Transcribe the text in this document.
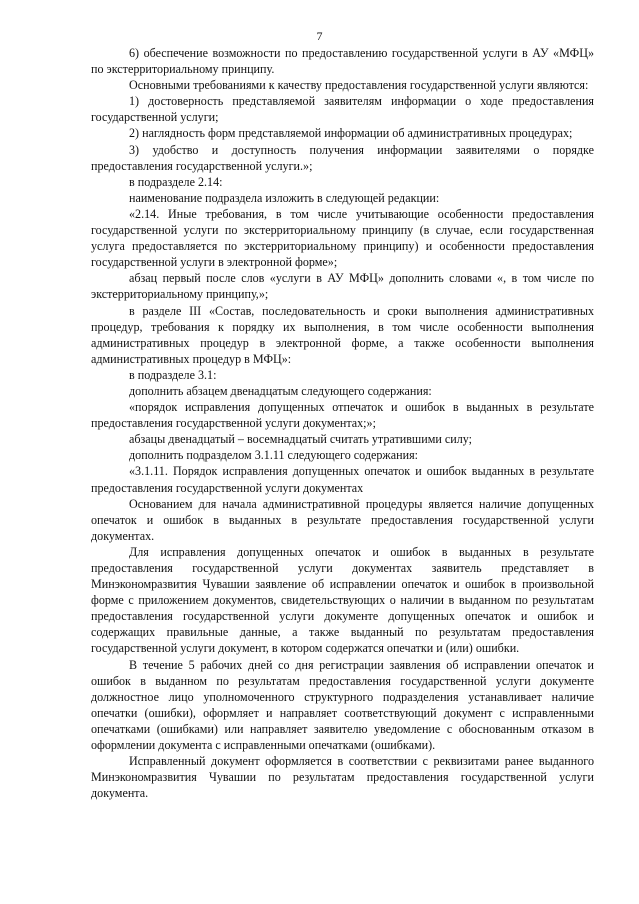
7

6) обеспечение возможности по предоставлению государственной услуги в АУ «МФЦ» по экстерриториальному принципу.

Основными требованиями к качеству предоставления государственной услуги являются:

1) достоверность представляемой заявителям информации о ходе предоставления государственной услуги;

2) наглядность форм представляемой информации об административных процедурах;

3) удобство и доступность получения информации заявителями о порядке предоставления государственной услуги.»;

в подразделе 2.14:

наименование подраздела изложить в следующей редакции:

«2.14. Иные требования, в том числе учитывающие особенности предоставления государственной услуги по экстерриториальному принципу (в случае, если государственная услуга предоставляется по экстерриториальному принципу) и особенности предоставления государственной услуги в электронной форме»;

абзац первый после слов «услуги в АУ МФЦ» дополнить словами «, в том числе по экстерриториальному принципу,»;

в разделе III «Состав, последовательность и сроки выполнения административных процедур, требования к порядку их выполнения, в том числе особенности выполнения административных процедур в электронной форме, а также особенности выполнения административных процедур в МФЦ»:

в подразделе 3.1:

дополнить абзацем двенадцатым следующего содержания:

«порядок исправления допущенных отпечаток и ошибок в выданных в результате предоставления государственной услуги документах;»;

абзацы двенадцатый – восемнадцатый считать утратившими силу;

дополнить подразделом 3.1.11 следующего содержания:

«3.1.11. Порядок исправления допущенных опечаток и ошибок выданных в результате предоставления государственной услуги документах

Основанием для начала административной процедуры является наличие допущенных опечаток и ошибок в выданных в результате предоставления государственной услуги документах.

Для исправления допущенных опечаток и ошибок в выданных в результате предоставления государственной услуги документах заявитель представляет в Минэкономразвития Чувашии заявление об исправлении опечаток и ошибок в произвольной форме с приложением документов, свидетельствующих о наличии в выданном по результатам предоставления государственной услуги документе допущенных опечаток и ошибок и содержащих правильные данные, а также выданный по результатам предоставления государственной услуги документ, в котором содержатся опечатки и (или) ошибки.

В течение 5 рабочих дней со дня регистрации заявления об исправлении опечаток и ошибок в выданном по результатам предоставления государственной услуги документе должностное лицо уполномоченного структурного подразделения устанавливает наличие опечатки (ошибки), оформляет и направляет соответствующий документ с исправленными опечатками (ошибками) или направляет заявителю уведомление с обоснованным отказом в оформлении документа с исправленными опечатками (ошибками).

Исправленный документ оформляется в соответствии с реквизитами ранее выданного Минэкономразвития Чувашии по результатам предоставления государственной услуги документа.
